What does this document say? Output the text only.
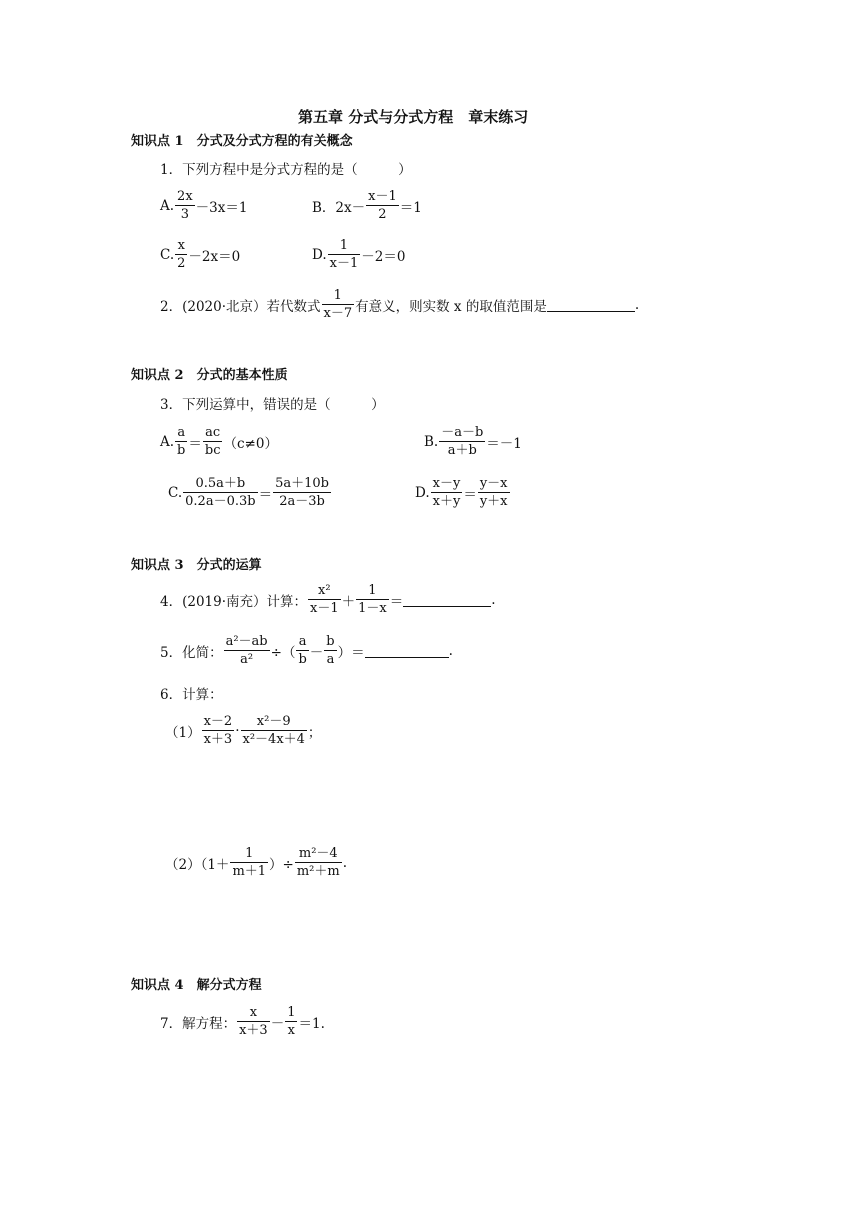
第五章 分式与分式方程　章末练习
知识点 1　分式及分式方程的有关概念
1．下列方程中是分式方程的是（　　　）
A. $\frac{2x}{3} -3x=1$	B．$2x- \frac{x-1}{2} =1$
C. $\frac{x}{2} -2x=0$	D. $\frac{1}{x-1} -2=0$
2．(2020·北京）若代数式 $\frac{1}{x-7}$ 有意义，则实数 x 的取值范围是	.
知识点 2　分式的基本性质
3．下列运算中，错误的是（　　　）
A. $\frac{a}{b} = \frac{ac}{bc} (c\ne 0)$	B. $\frac{-a-b}{a+b} =-1$
C. $\frac{0.5a+b}{0.2a-0.3b} = \frac{5a+10b}{2a-3b}$	D. $\frac{x-y}{x+y} = \frac{y-x}{y+x}$
知识点 3　分式的运算
4．(2019·南充）计算： $\frac{\text{x²}}{x-1} + \frac{1}{1-x}$ ＝	.
5．化简： $\frac{\text{a²－ab}}{\text{a²}}$ ÷（ $\frac{a}{b} - \frac{b}{a}$ ）＝	.
6．计算：
$(1) \frac{x-2}{x+3} \cdot \frac{\text{x²－9}}{\text{x²－4x＋4}}$ ；
$(2)(1+ \frac{1}{m+1}$ ）÷ $\frac{\text{m²－4}}{\text{m²＋m}}$ .
知识点 4　解分式方程
7．解方程： $\frac{x}{x+3} - \frac{1}{x} =1$.
